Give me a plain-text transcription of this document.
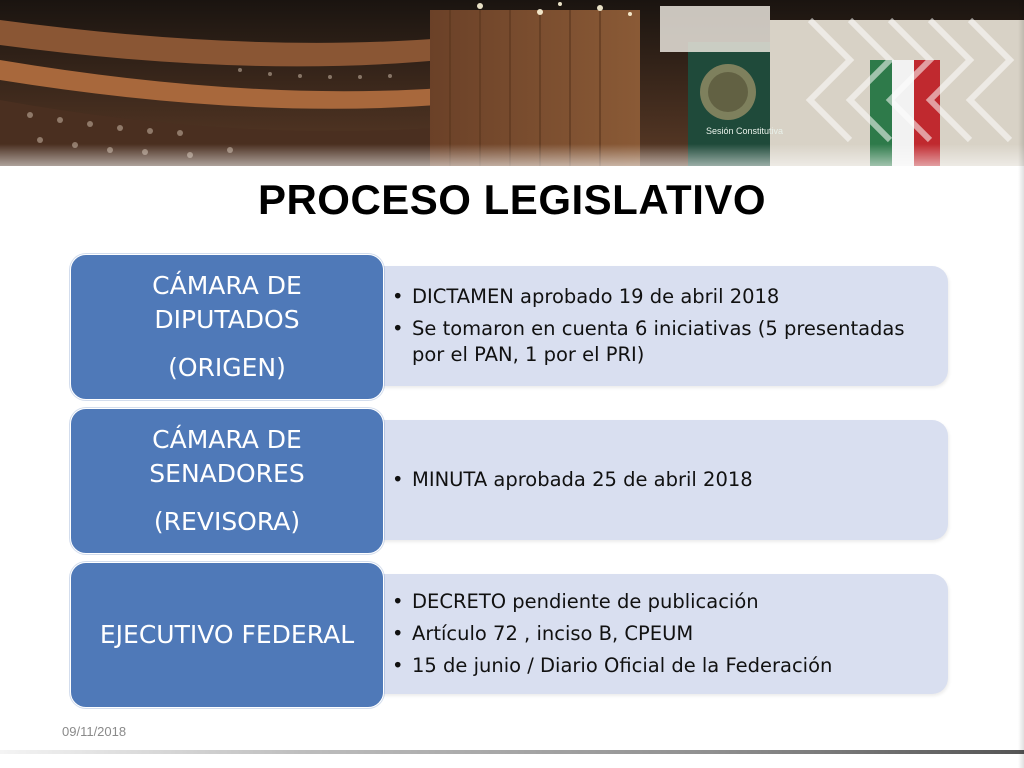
Sesión Constitutiva
PROCESO LEGISLATIVO
• DICTAMEN aprobado 19 de abril 2018
• Se tomaron en cuenta 6 iniciativas (5 presentadas por el PAN, 1 por el PRI)
CÁMARA DE
DIPUTADOS
(ORIGEN)
• MINUTA aprobada 25 de abril 2018
CÁMARA DE
SENADORES
(REVISORA)
• DECRETO pendiente de publicación
• Artículo 72 , inciso B, CPEUM
• 15 de junio / Diario Oficial de la Federación
EJECUTIVO FEDERAL
09/11/2018
